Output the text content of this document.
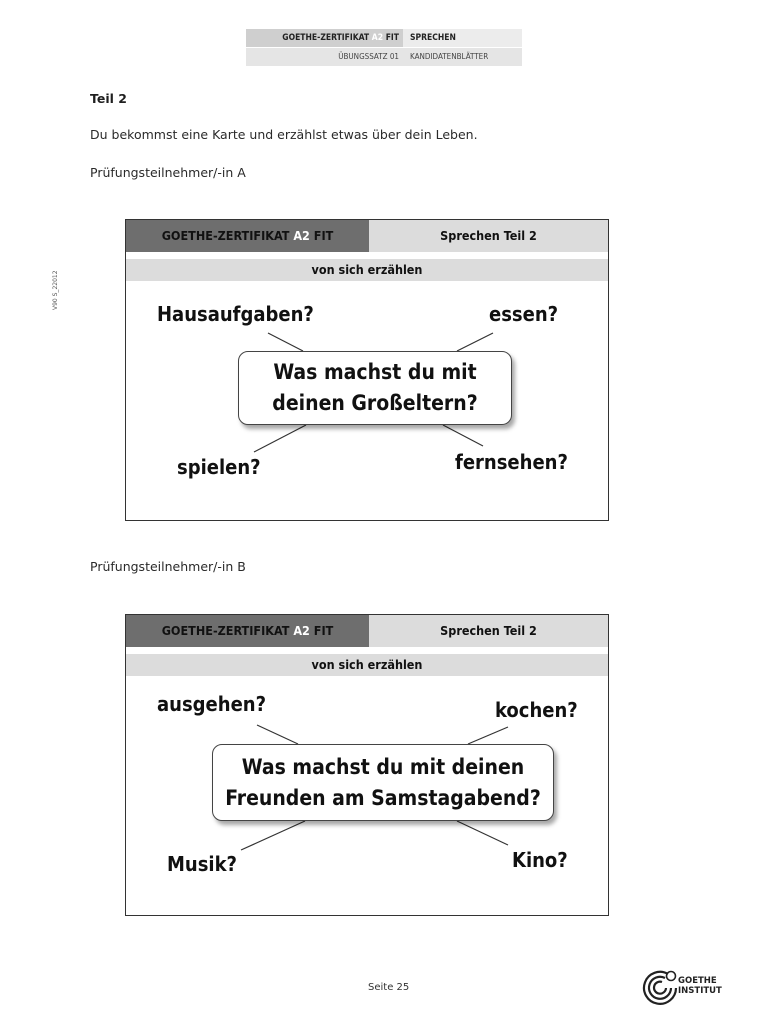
GOETHE-ZERTIFIKAT A2 FIT	SPRECHEN
ÜBUNGSSATZ 01	KANDIDATENBLÄTTER
V90 S_22012
Teil 2
Du bekommst eine Karte und erzählst etwas über dein Leben.
Prüfungsteilnehmer/-in A
GOETHE-ZERTIFIKAT A2 FIT	Sprechen Teil 2
von sich erzählen
Was machst du mit
deinen Großeltern?
Hausaufgaben?	essen?
spielen?	fernsehen?
Prüfungsteilnehmer/-in B
GOETHE-ZERTIFIKAT A2 FIT	Sprechen Teil 2
von sich erzählen
Was machst du mit deinen
Freunden am Samstagabend?
ausgehen?	kochen?
Musik?	Kino?
Seite 25
GOETHE
INSTITUT
